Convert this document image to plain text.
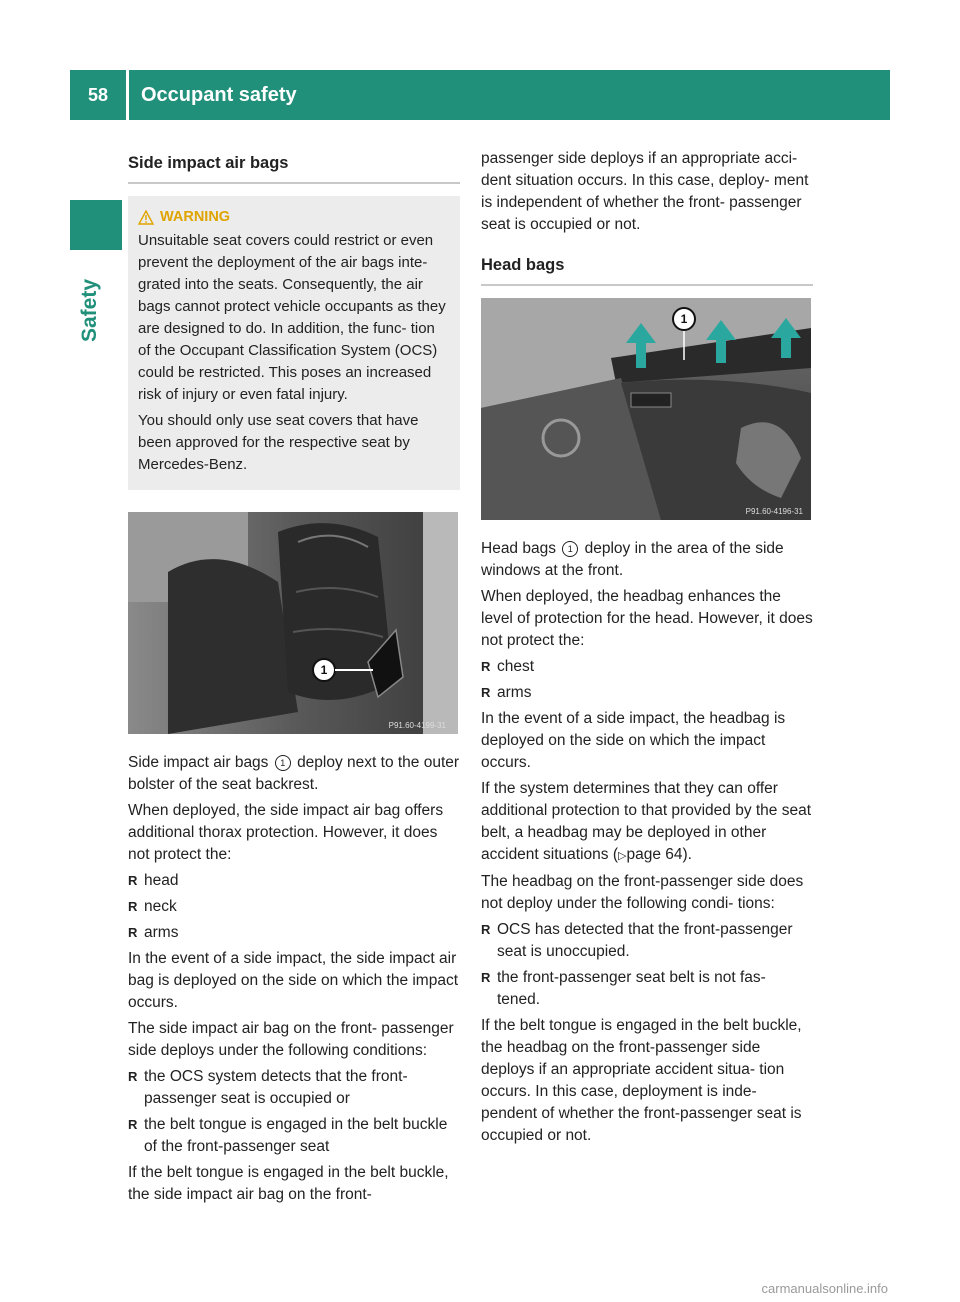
58	Occupant safety
Safety
Side impact air bags
WARNING

Unsuitable seat covers could restrict or even prevent the deployment of the air bags inte- grated into the seats. Consequently, the air bags cannot protect vehicle occupants as they are designed to do. In addition, the func- tion of the Occupant Classification System (OCS) could be restricted. This poses an increased risk of injury or even fatal injury.

You should only use seat covers that have been approved for the respective seat by Mercedes-Benz.

1
P91.60-4199-31

Side impact air bags 1 deploy next to the outer bolster of the seat backrest.

When deployed, the side impact air bag offers additional thorax protection. However, it does not protect the:

R head
R neck
R arms

In the event of a side impact, the side impact air bag is deployed on the side on which the impact occurs.

The side impact air bag on the front- passenger side deploys under the following conditions:

R the OCS system detects that the front- passenger seat is occupied or
R the belt tongue is engaged in the belt buckle of the front-passenger seat

If the belt tongue is engaged in the belt buckle, the side impact air bag on the front-

passenger side deploys if an appropriate acci- dent situation occurs. In this case, deploy- ment is independent of whether the front- passenger seat is occupied or not.

Head bags
1
P91.60-4196-31

Head bags 1 deploy in the area of the side windows at the front.

When deployed, the headbag enhances the level of protection for the head. However, it does not protect the:

R chest
R arms

In the event of a side impact, the headbag is deployed on the side on which the impact occurs.

If the system determines that they can offer additional protection to that provided by the seat belt, a headbag may be deployed in other accident situations (▷page 64).

The headbag on the front-passenger side does not deploy under the following condi- tions:

R OCS has detected that the front-passenger seat is unoccupied.
R the front-passenger seat belt is not fas- tened.

If the belt tongue is engaged in the belt buckle, the headbag on the front-passenger side deploys if an appropriate accident situa- tion occurs. In this case, deployment is inde- pendent of whether the front-passenger seat is occupied or not.

carmanualsonline.info
